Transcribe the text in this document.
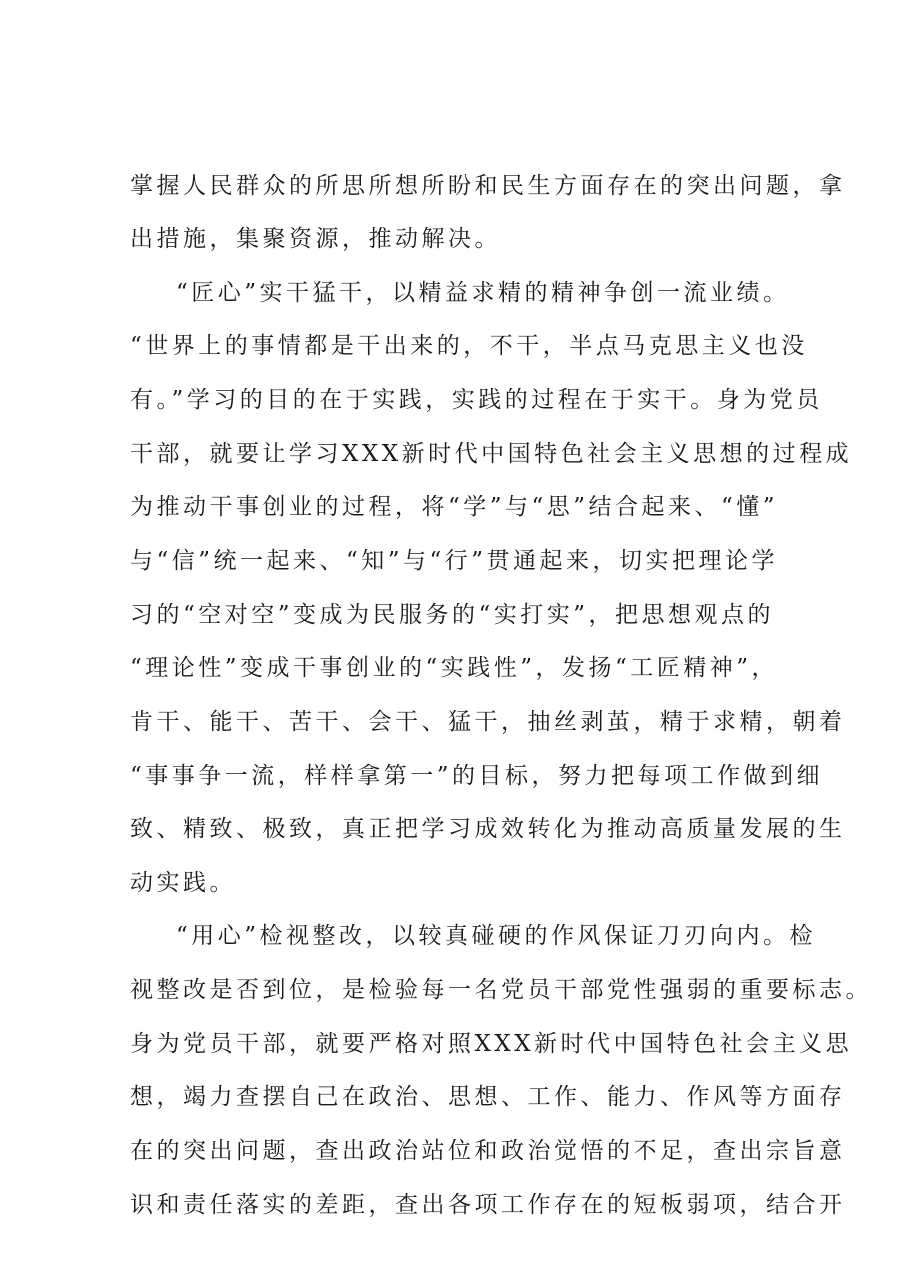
掌握人民群众的所思所想所盼和民生方面存在的突出问题，拿

出措施，集聚资源，推动解决。

“匠心”实干猛干，以精益求精的精神争创一流业绩。

“世界上的事情都是干出来的，不干，半点马克思主义也没

有。”学习的目的在于实践，实践的过程在于实干。身为党员

干部，就要让学习XXX新时代中国特色社会主义思想的过程成

为推动干事创业的过程，将“学”与“思”结合起来、“懂”

与“信”统一起来、“知”与“行”贯通起来，切实把理论学

习的“空对空”变成为民服务的“实打实”，把思想观点的

“理论性”变成干事创业的“实践性”，发扬“工匠精神”，

肯干、能干、苦干、会干、猛干，抽丝剥茧，精于求精，朝着

“事事争一流，样样拿第一”的目标，努力把每项工作做到细

致、精致、极致，真正把学习成效转化为推动高质量发展的生

动实践。

“用心”检视整改，以较真碰硬的作风保证刀刃向内。检

视整改是否到位，是检验每一名党员干部党性强弱的重要标志。

身为党员干部，就要严格对照XXX新时代中国特色社会主义思

想，竭力查摆自己在政治、思想、工作、能力、作风等方面存

在的突出问题，查出政治站位和政治觉悟的不足，查出宗旨意

识和责任落实的差距，查出各项工作存在的短板弱项，结合开
